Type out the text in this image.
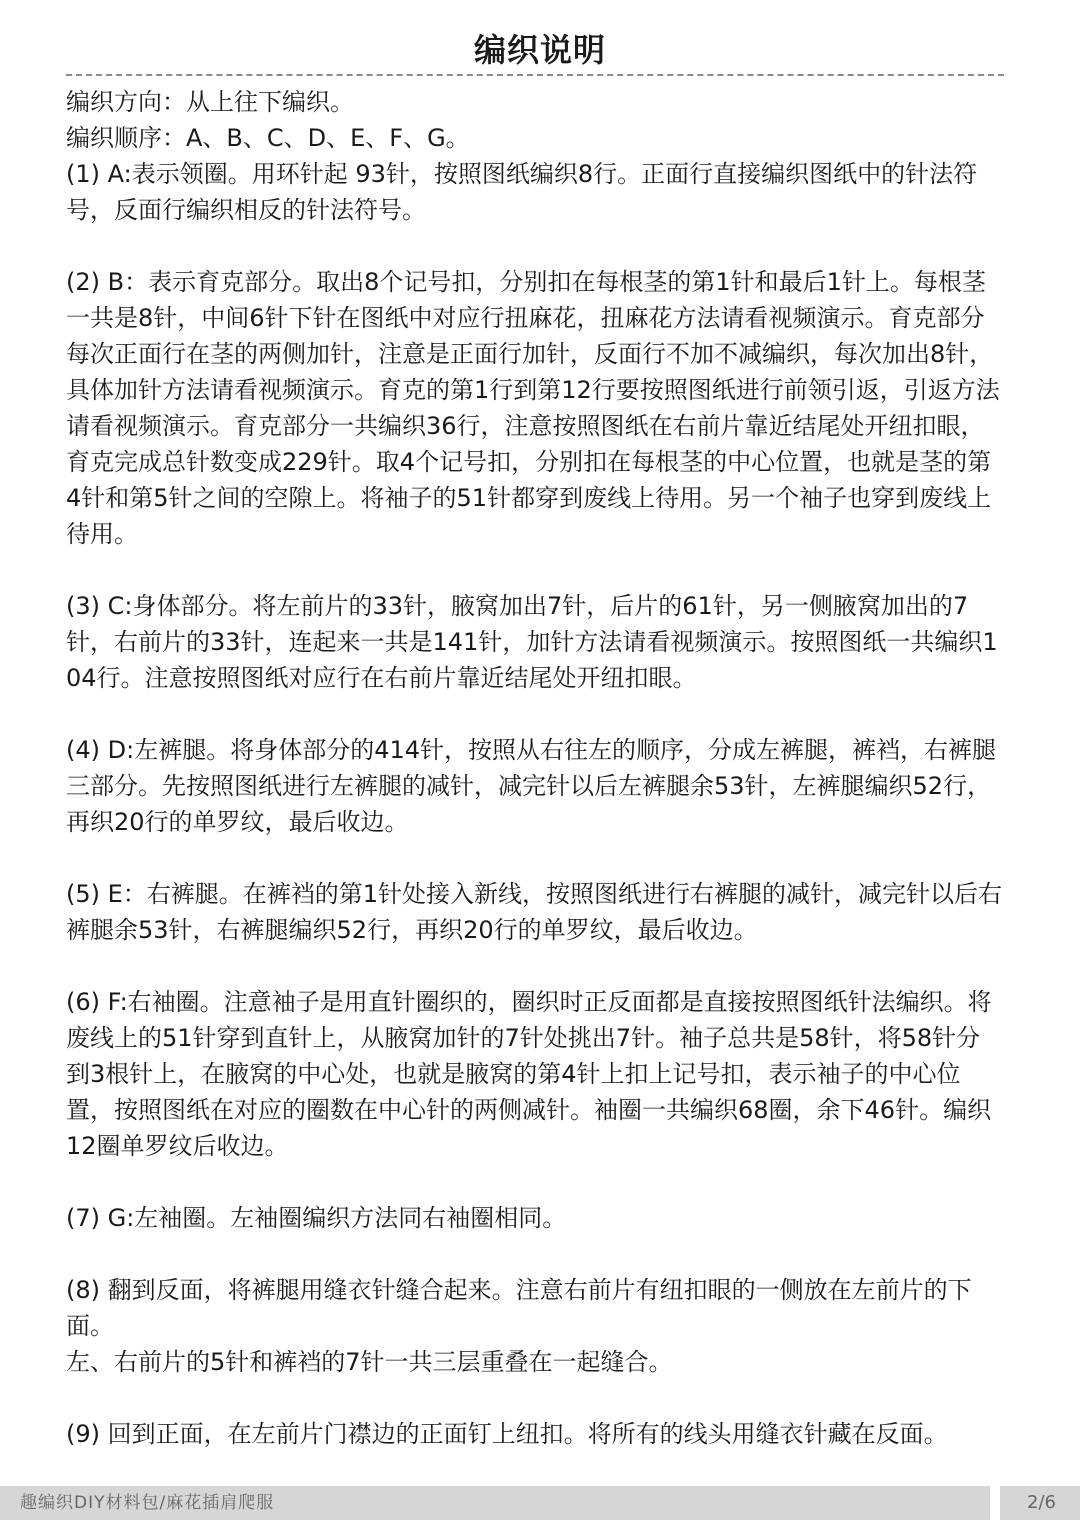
编织说明

编织方向：从上往下编织。

编织顺序：A、B、C、D、E、F、G。

(1) A:表示领圈。用环针起 93针，按照图纸编织8行。正面行直接编织图纸中的针法符号，反面行编织相反的针法符号。

(2) B：表示育克部分。取出8个记号扣，分别扣在每根茎的第1针和最后1针上。每根茎一共是8针，中间6针下针在图纸中对应行扭麻花，扭麻花方法请看视频演示。育克部分每次正面行在茎的两侧加针，注意是正面行加针，反面行不加不减编织，每次加出8针，具体加针方法请看视频演示。育克的第1行到第12行要按照图纸进行前领引返，引返方法请看视频演示。育克部分一共编织36行，注意按照图纸在右前片靠近结尾处开纽扣眼，育克完成总针数变成229针。取4个记号扣，分别扣在每根茎的中心位置，也就是茎的第4针和第5针之间的空隙上。将袖子的51针都穿到废线上待用。另一个袖子也穿到废线上待用。

(3) C:身体部分。将左前片的33针，腋窝加出7针，后片的61针，另一侧腋窝加出的7针，右前片的33针，连起来一共是141针，加针方法请看视频演示。按照图纸一共编织104行。注意按照图纸对应行在右前片靠近结尾处开纽扣眼。

(4) D:左裤腿。将身体部分的414针，按照从右往左的顺序，分成左裤腿，裤裆，右裤腿三部分。先按照图纸进行左裤腿的减针，减完针以后左裤腿余53针，左裤腿编织52行，再织20行的单罗纹，最后收边。

(5) E：右裤腿。在裤裆的第1针处接入新线，按照图纸进行右裤腿的减针，减完针以后右裤腿余53针，右裤腿编织52行，再织20行的单罗纹，最后收边。

(6) F:右袖圈。注意袖子是用直针圈织的，圈织时正反面都是直接按照图纸针法编织。将废线上的51针穿到直针上，从腋窝加针的7针处挑出7针。袖子总共是58针，将58针分到3根针上，在腋窝的中心处，也就是腋窝的第4针上扣上记号扣，表示袖子的中心位置，按照图纸在对应的圈数在中心针的两侧减针。袖圈一共编织68圈，余下46针。编织12圈单罗纹后收边。

(7) G:左袖圈。左袖圈编织方法同右袖圈相同。

(8) 翻到反面，将裤腿用缝衣针缝合起来。注意右前片有纽扣眼的一侧放在左前片的下面。

左、右前片的5针和裤裆的7针一共三层重叠在一起缝合。

(9) 回到正面，在左前片门襟边的正面钉上纽扣。将所有的线头用缝衣针藏在反面。

趣编织DIY材料包/麻花插肩爬服	2/6
